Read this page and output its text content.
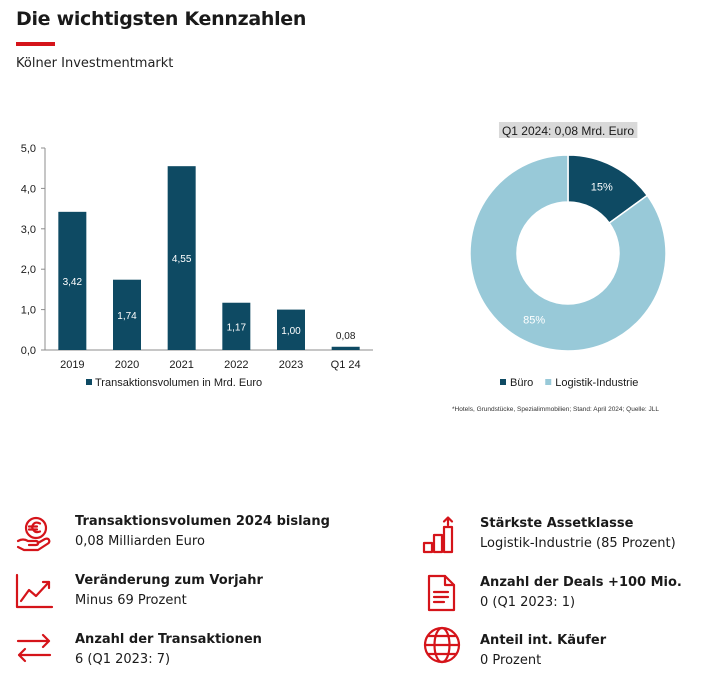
Die wichtigsten Kennzahlen
Kölner Investmentmarkt
0,0
1,0
2,0
3,0
4,0
5,0
2019
3,42
2020
1,74
2021
4,55
2022
1,17
2023
1,00
Q1 24
0,08
Transaktionsvolumen in Mrd. Euro
Q1 2024: 0,08 Mrd. Euro
15%
85%
Büro Logistik-Industrie
*Hotels, Grundstücke, Spezialimmobilien; Stand: April 2024; Quelle: JLL
Transaktionsvolumen 2024 bislang
0,08 Milliarden Euro
Veränderung zum Vorjahr
Minus 69 Prozent
Anzahl der Transaktionen
6 (Q1 2023: 7)
Stärkste Assetklasse
Logistik-Industrie (85 Prozent)
Anzahl der Deals +100 Mio.
0 (Q1 2023: 1)
Anteil int. Käufer
0 Prozent
